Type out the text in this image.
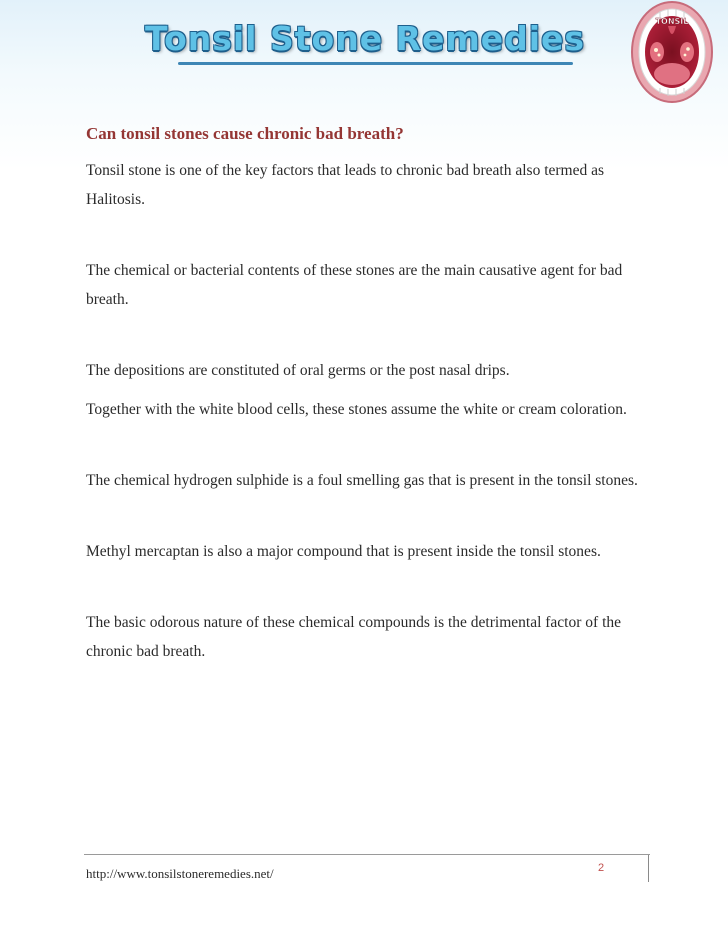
Tonsil Stone Remedies	TONSIL
Can tonsil stones cause chronic bad breath?

Tonsil stone is one of the key factors that leads to chronic bad breath also termed as Halitosis.

The chemical or bacterial contents of these stones are the main causative agent for bad breath.

The depositions are constituted of oral germs or the post nasal drips.

Together with the white blood cells, these stones assume the white or cream coloration.

The chemical hydrogen sulphide is a foul smelling gas that is present in the tonsil stones.

Methyl mercaptan is also a major compound that is present inside the tonsil stones.

The basic odorous nature of these chemical compounds is the detrimental factor of the chronic bad breath.

http://www.tonsilstoneremedies.net/	2
